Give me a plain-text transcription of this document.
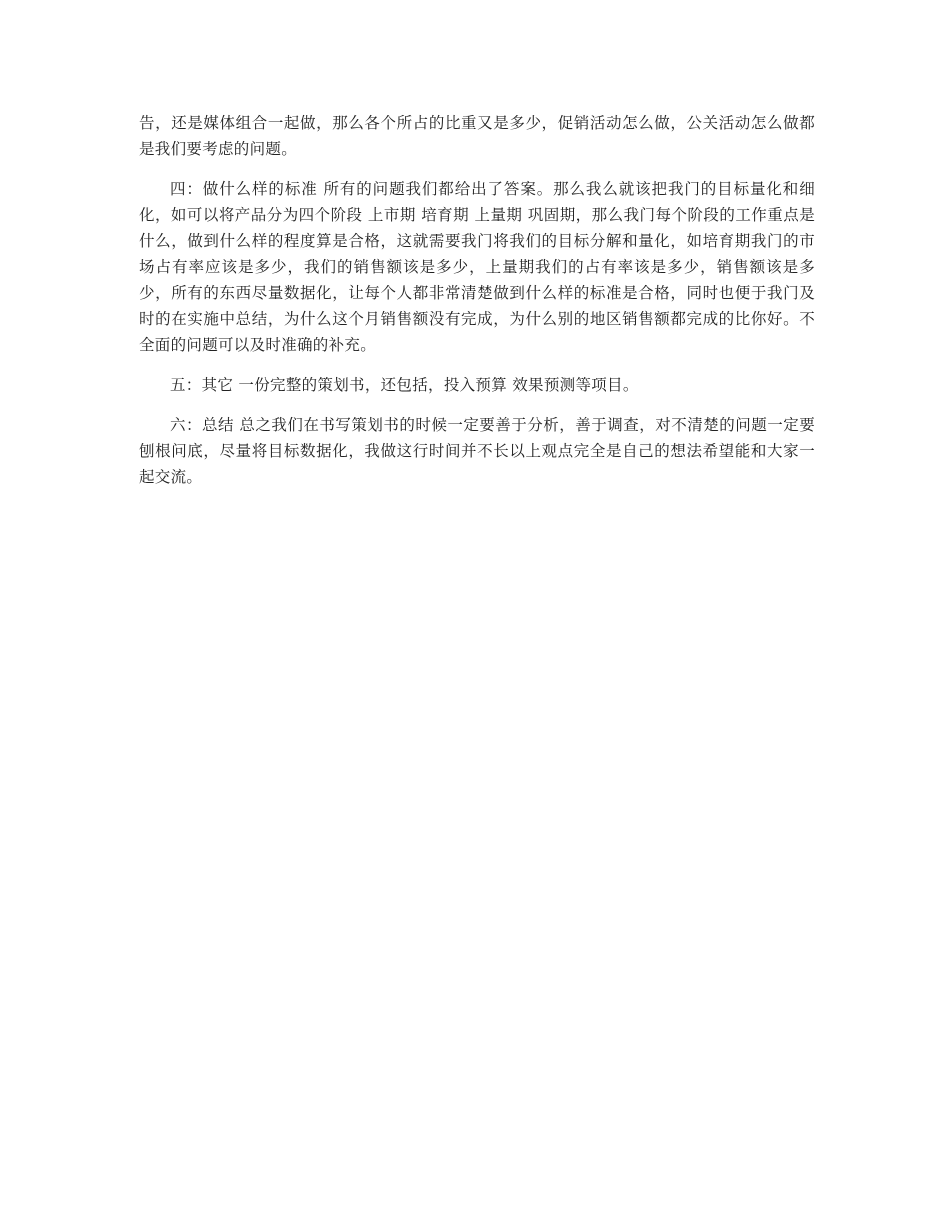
告，还是媒体组合一起做，那么各个所占的比重又是多少，促销活动怎么做，公关活动怎么做都是我们要考虑的问题。

四：做什么样的标准 所有的问题我们都给出了答案。那么我么就该把我门的目标量化和细化，如可以将产品分为四个阶段 上市期 培育期 上量期 巩固期，那么我门每个阶段的工作重点是什么，做到什么样的程度算是合格，这就需要我门将我们的目标分解和量化，如培育期我门的市场占有率应该是多少，我们的销售额该是多少，上量期我们的占有率该是多少，销售额该是多少，所有的东西尽量数据化，让每个人都非常清楚做到什么样的标准是合格，同时也便于我门及时的在实施中总结，为什么这个月销售额没有完成，为什么别的地区销售额都完成的比你好。不全面的问题可以及时准确的补充。

五：其它 一份完整的策划书，还包括，投入预算 效果预测等项目。

六：总结 总之我们在书写策划书的时候一定要善于分析，善于调查，对不清楚的问题一定要刨根问底，尽量将目标数据化，我做这行时间并不长以上观点完全是自己的想法希望能和大家一起交流。
